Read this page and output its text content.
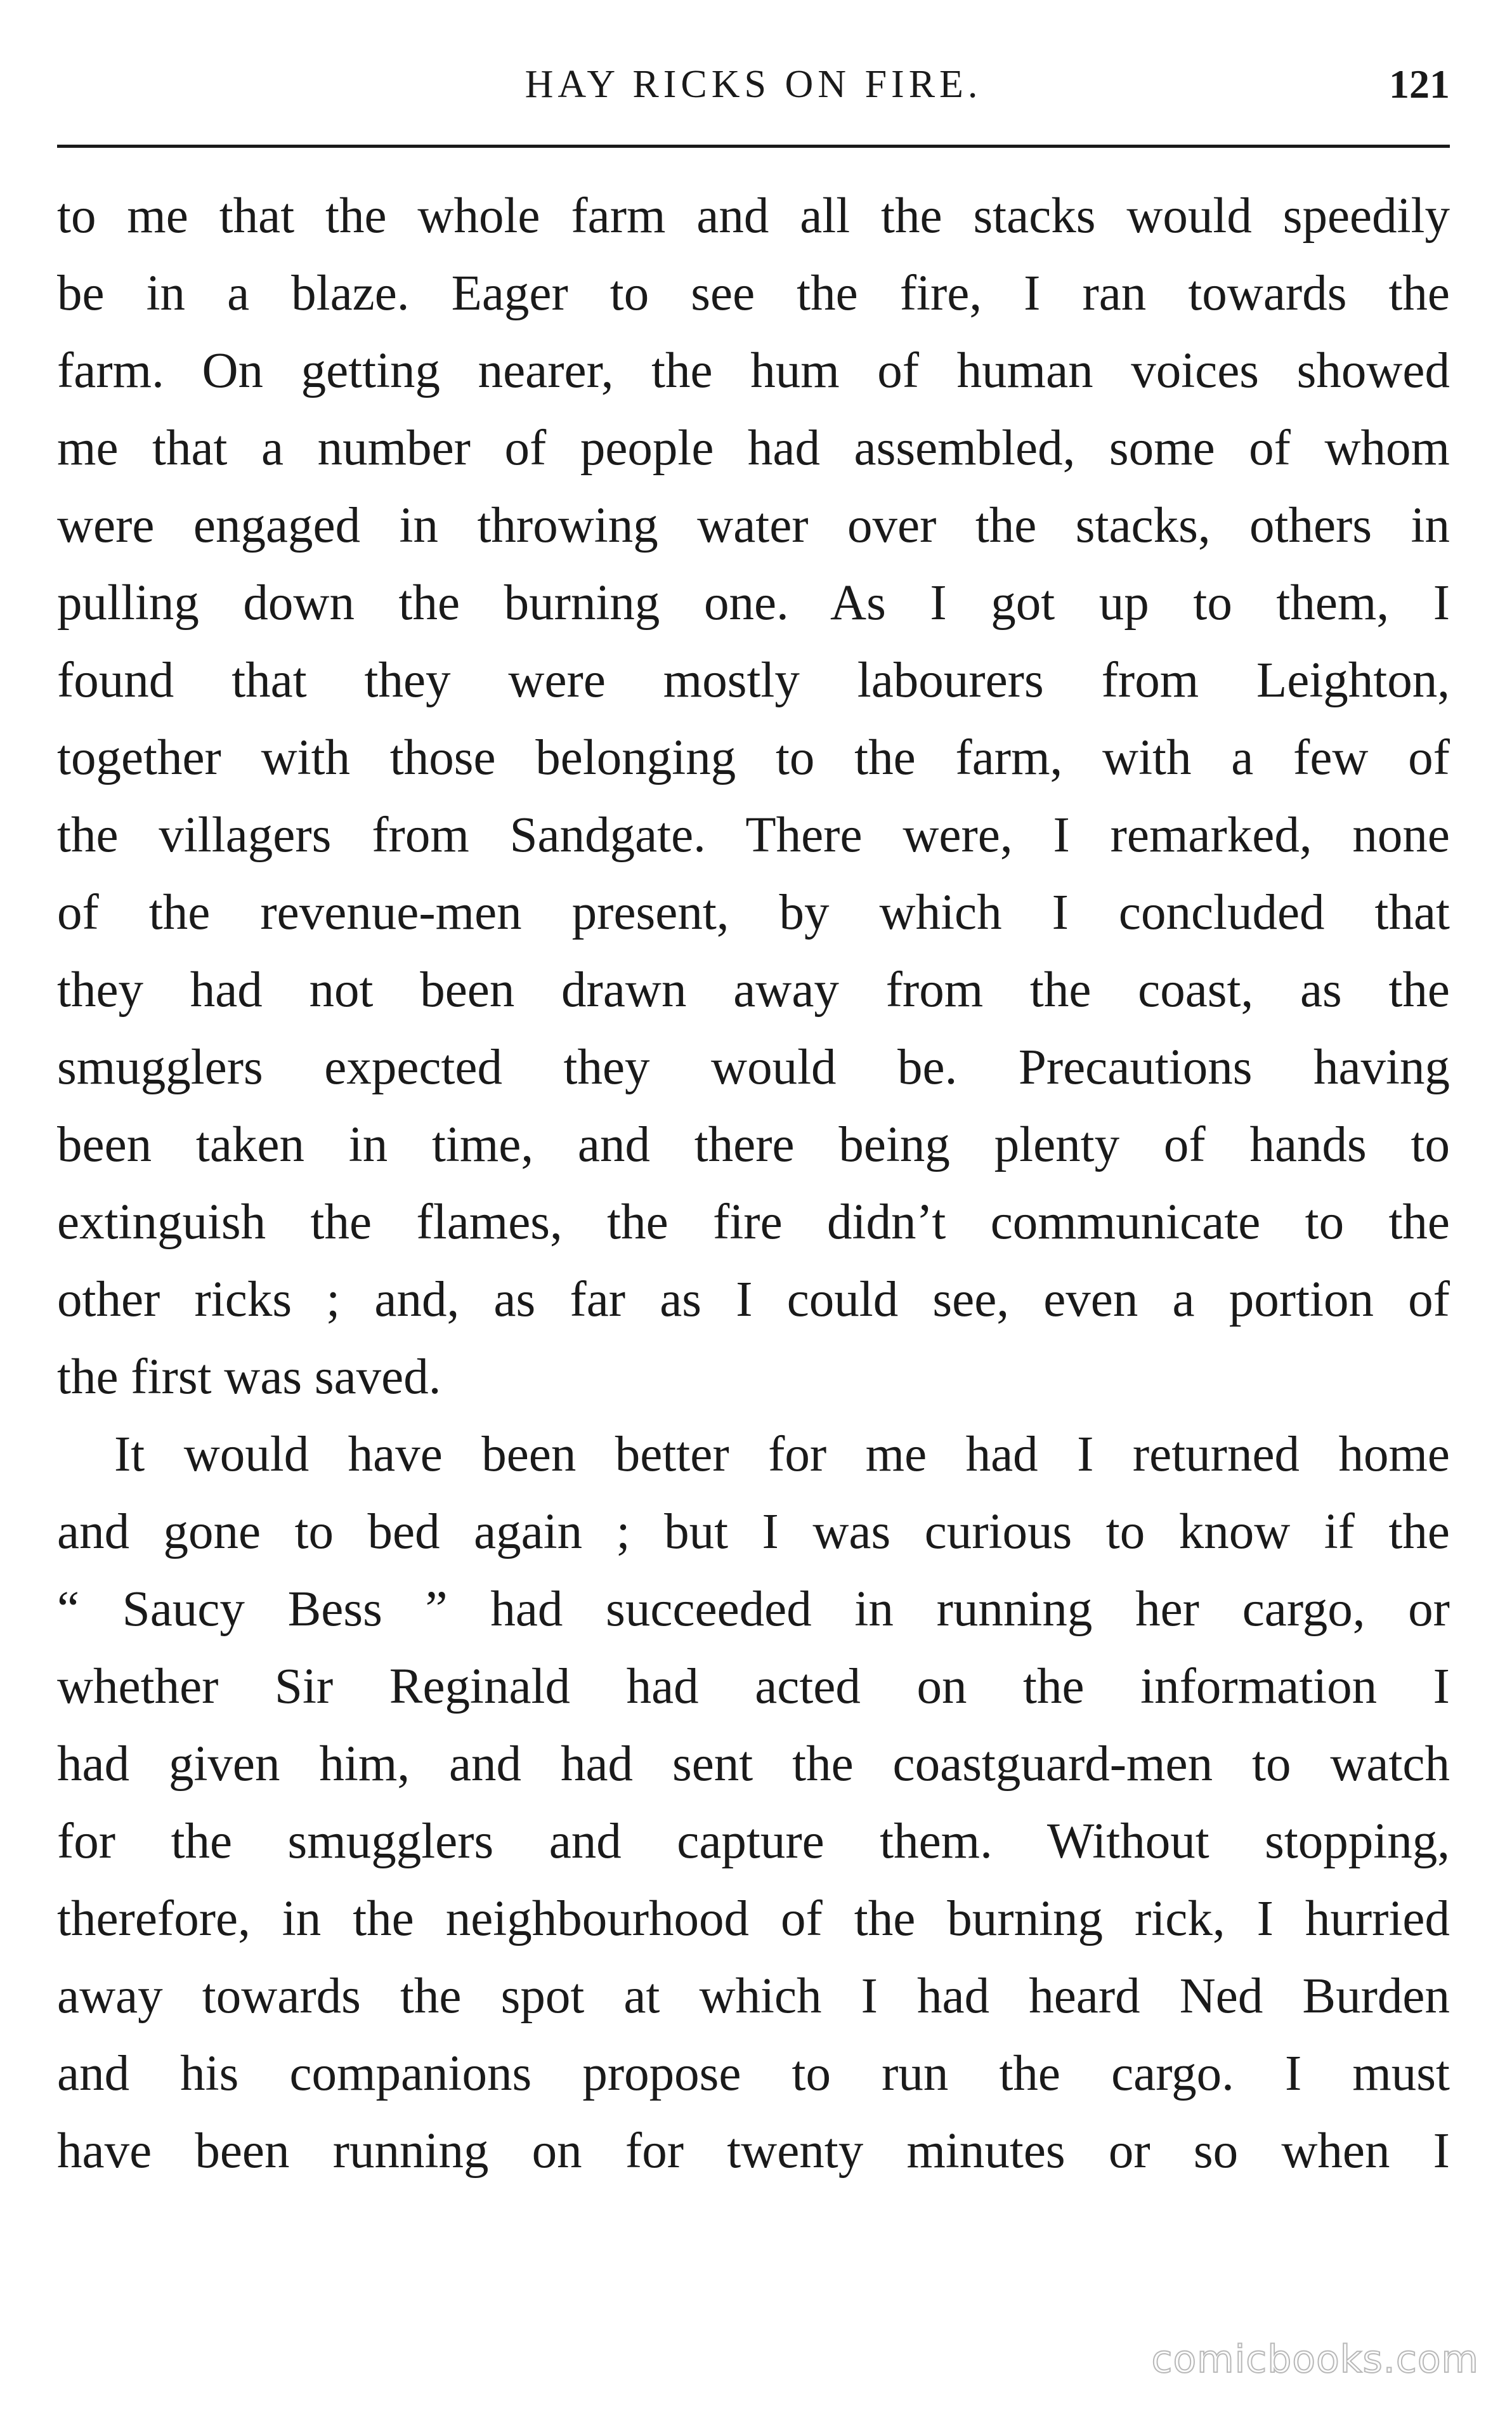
HAY RICKS ON FIRE.	121
to me that the whole farm and all the stacks would speedily
be in a blaze. Eager to see the fire, I ran towards the
farm. On getting nearer, the hum of human voices showed
me that a number of people had assembled, some of whom
were engaged in throwing water over the stacks, others in
pulling down the burning one. As I got up to them, I
found that they were mostly labourers from Leighton,
together with those belonging to the farm, with a few of
the villagers from Sandgate. There were, I remarked, none
of the revenue-men present, by which I concluded that
they had not been drawn away from the coast, as the
smugglers expected they would be. Precautions having
been taken in time, and there being plenty of hands to
extinguish the flames, the fire didn’t communicate to the
other ricks ; and, as far as I could see, even a portion of
the first was saved.
It would have been better for me had I returned home
and gone to bed again ; but I was curious to know if the
“ Saucy Bess ” had succeeded in running her cargo, or
whether Sir Reginald had acted on the information I
had given him, and had sent the coastguard-men to watch
for the smugglers and capture them. Without stopping,
therefore, in the neighbourhood of the burning rick, I hurried
away towards the spot at which I had heard Ned Burden
and his companions propose to run the cargo. I must
have been running on for twenty minutes or so when I
comicbooks.com
